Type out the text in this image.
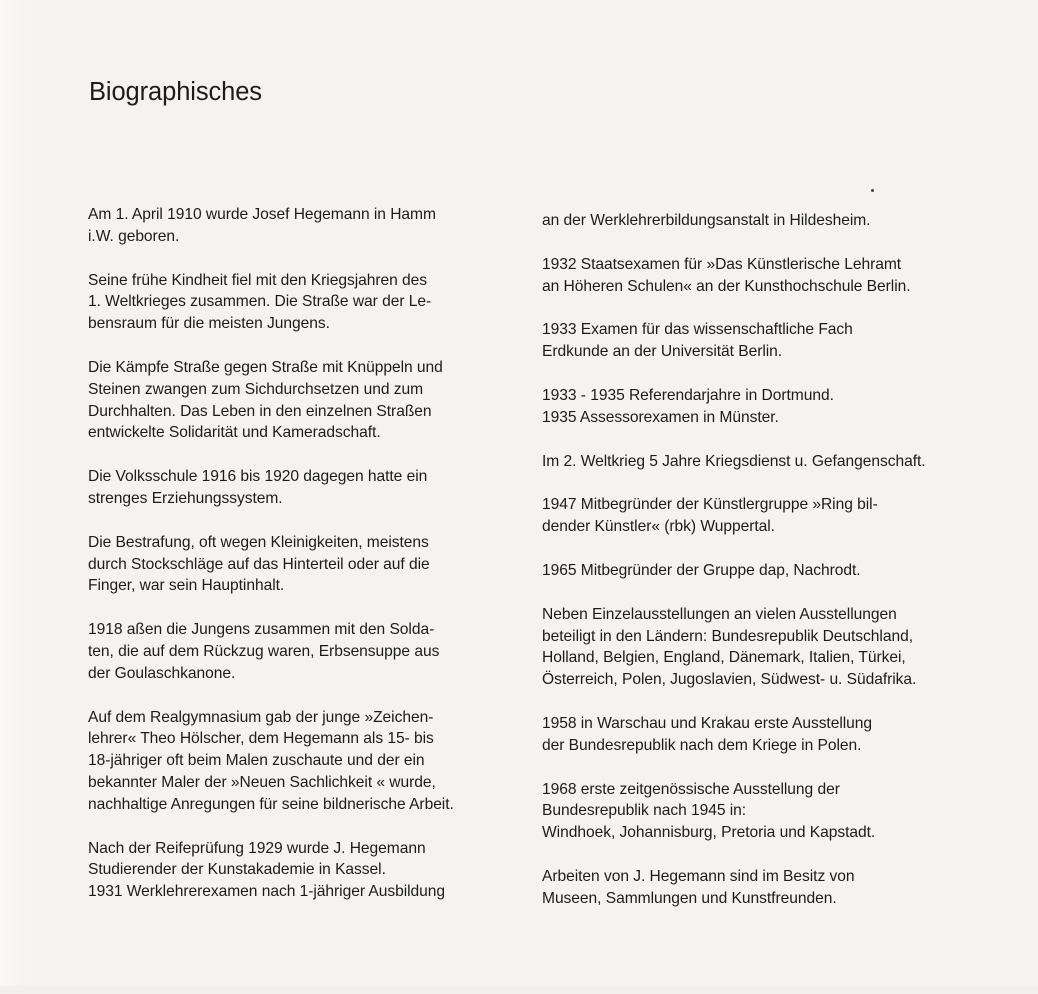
Biographisches

Am 1. April 1910 wurde Josef Hegemann in Hamm
i.W. geboren.

Seine frühe Kindheit fiel mit den Kriegsjahren des
1. Weltkrieges zusammen. Die Straße war der Le-
bensraum für die meisten Jungens.

Die Kämpfe Straße gegen Straße mit Knüppeln und
Steinen zwangen zum Sichdurchsetzen und zum
Durchhalten. Das Leben in den einzelnen Straßen
entwickelte Solidarität und Kameradschaft.

Die Volksschule 1916 bis 1920 dagegen hatte ein
strenges Erziehungssystem.

Die Bestrafung, oft wegen Kleinigkeiten, meistens
durch Stockschläge auf das Hinterteil oder auf die
Finger, war sein Hauptinhalt.

1918 aßen die Jungens zusammen mit den Solda-
ten, die auf dem Rückzug waren, Erbsensuppe aus
der Goulaschkanone.

Auf dem Realgymnasium gab der junge »Zeichen-
lehrer« Theo Hölscher, dem Hegemann als 15- bis
18-jähriger oft beim Malen zuschaute und der ein
bekannter Maler der »Neuen Sachlichkeit « wurde,
nachhaltige Anregungen für seine bildnerische Arbeit.

Nach der Reifeprüfung 1929 wurde J. Hegemann
Studierender der Kunstakademie in Kassel.
1931 Werklehrerexamen nach 1-jähriger Ausbildung

an der Werklehrerbildungsanstalt in Hildesheim.

1932 Staatsexamen für »Das Künstlerische Lehramt
an Höheren Schulen« an der Kunsthochschule Berlin.

1933 Examen für das wissenschaftliche Fach
Erdkunde an der Universität Berlin.

1933 - 1935 Referendarjahre in Dortmund.
1935 Assessorexamen in Münster.

Im 2. Weltkrieg 5 Jahre Kriegsdienst u. Gefangenschaft.

1947 Mitbegründer der Künstlergruppe »Ring bil-
dender Künstler« (rbk) Wuppertal.

1965 Mitbegründer der Gruppe dap, Nachrodt.

Neben Einzelausstellungen an vielen Ausstellungen
beteiligt in den Ländern: Bundesrepublik Deutschland,
Holland, Belgien, England, Dänemark, Italien, Türkei,
Österreich, Polen, Jugoslavien, Südwest- u. Südafrika.

1958 in Warschau und Krakau erste Ausstellung
der Bundesrepublik nach dem Kriege in Polen.

1968 erste zeitgenössische Ausstellung der
Bundesrepublik nach 1945 in:
Windhoek, Johannisburg, Pretoria und Kapstadt.

Arbeiten von J. Hegemann sind im Besitz von
Museen, Sammlungen und Kunstfreunden.
